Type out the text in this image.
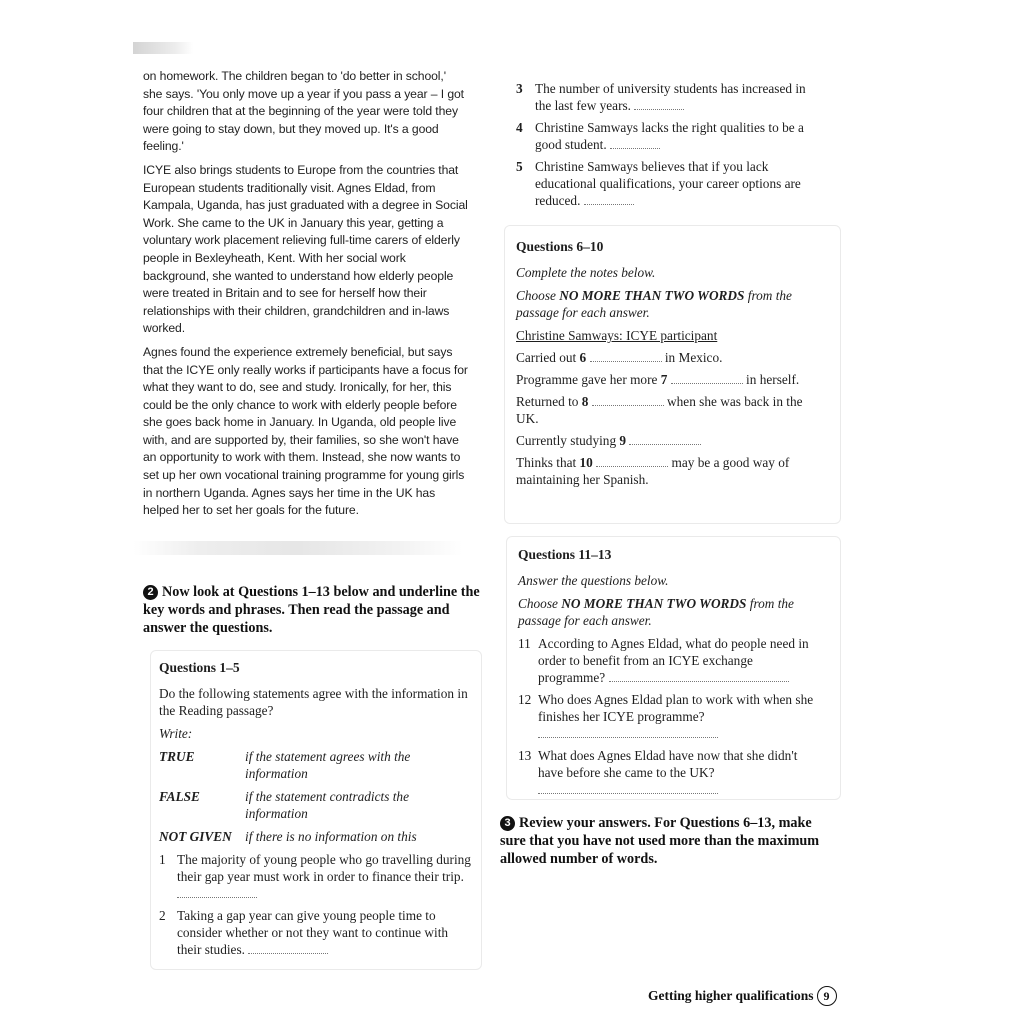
on homework. The children began to 'do better in school,' she says. 'You only move up a year if you pass a year – I got four children that at the beginning of the year were told they were going to stay down, but they moved up. It's a good feeling.'

ICYE also brings students to Europe from the countries that European students traditionally visit. Agnes Eldad, from Kampala, Uganda, has just graduated with a degree in Social Work. She came to the UK in January this year, getting a voluntary work placement relieving full-time carers of elderly people in Bexleyheath, Kent. With her social work background, she wanted to understand how elderly people were treated in Britain and to see for herself how their relationships with their children, grandchildren and in-laws worked.

Agnes found the experience extremely beneficial, but says that the ICYE only really works if participants have a focus for what they want to do, see and study. Ironically, for her, this could be the only chance to work with elderly people before she goes back home in January. In Uganda, old people live with, and are supported by, their families, so she won't have an opportunity to work with them. Instead, she now wants to set up her own vocational training programme for young girls in northern Uganda. Agnes says her time in the UK has helped her to set her goals for the future.

2 Now look at Questions 1–13 below and underline the key words and phrases. Then read the passage and answer the questions.
Questions 1–5

Do the following statements agree with the information in the Reading passage?

Write:

TRUE	if the statement agrees with the information
FALSE	if the statement contradicts the information
NOT GIVEN if there is no information on this
1 The majority of young people who go travelling during their gap year must work in order to finance their trip.
2 Taking a gap year can give young people time to consider whether or not they want to continue with their studies.
3 The number of university students has increased in the last few years.
4 Christine Samways lacks the right qualities to be a good student.
5 Christine Samways believes that if you lack educational qualifications, your career options are reduced.
Questions 6–10

Complete the notes below.

Choose NO MORE THAN TWO WORDS from the passage for each answer.

Christine Samways: ICYE participant
Carried out 6	in Mexico.
Programme gave her more 7	in herself.
Returned to 8	when she was back in the UK.
Currently studying 9
Thinks that 10	may be a good way of maintaining her Spanish.
Questions 11–13

Answer the questions below.

Choose NO MORE THAN TWO WORDS from the passage for each answer.

11 According to Agnes Eldad, what do people need in order to benefit from an ICYE exchange programme?
12 Who does Agnes Eldad plan to work with when she finishes her ICYE programme?

13 What does Agnes Eldad have now that she didn't have before she came to the UK?

3 Review your answers. For Questions 6–13, make sure that you have not used more than the maximum allowed number of words.
Getting higher qualifications 9
